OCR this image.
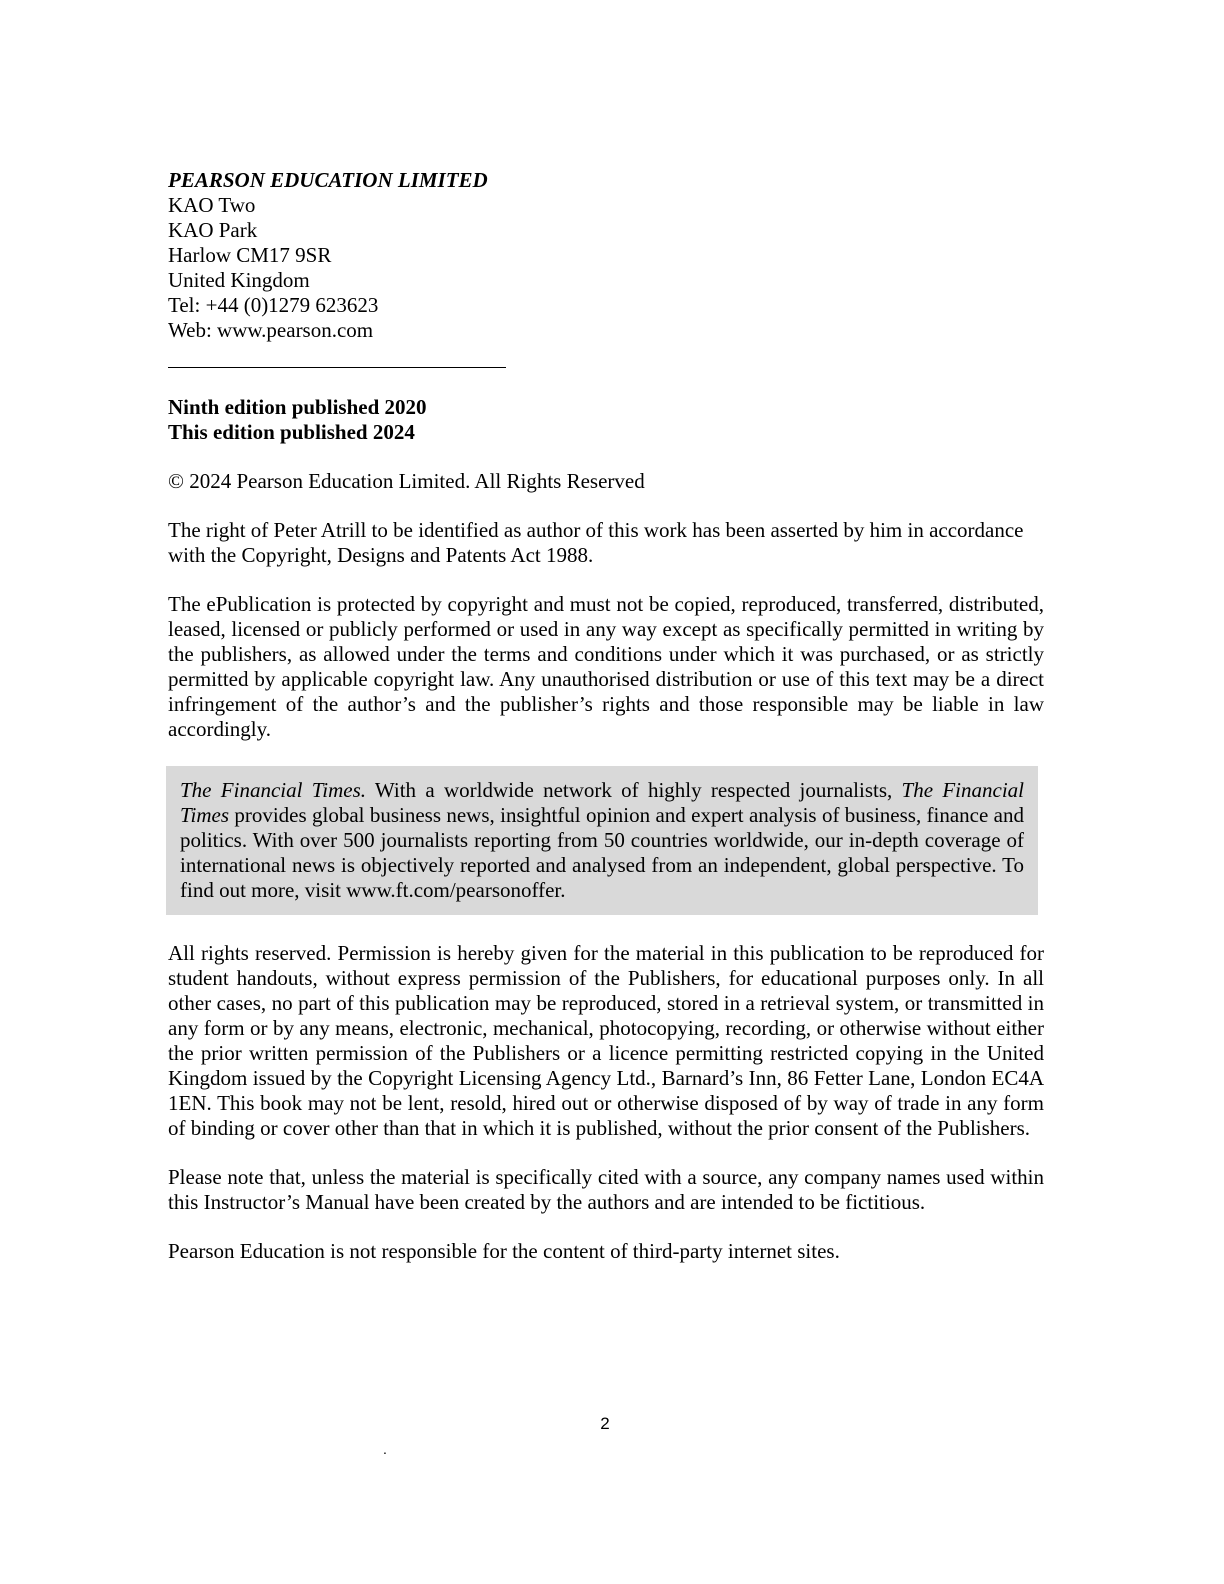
PEARSON EDUCATION LIMITED

KAO Two

KAO Park

Harlow CM17 9SR

United Kingdom

Tel: +44 (0)1279 623623

Web: www.pearson.com

Ninth edition published 2020
This edition published 2024

© 2024 Pearson Education Limited. All Rights Reserved

The right of Peter Atrill to be identified as author of this work has been asserted by him in accordance with the Copyright, Designs and Patents Act 1988.

The ePublication is protected by copyright and must not be copied, reproduced, transferred, distributed, leased, licensed or publicly performed or used in any way except as specifically permitted in writing by the publishers, as allowed under the terms and conditions under which it was purchased, or as strictly permitted by applicable copyright law. Any unauthorised distribution or use of this text may be a direct infringement of the author’s and the publisher’s rights and those responsible may be liable in law accordingly.

The Financial Times. With a worldwide network of highly respected journalists, The Financial Times provides global business news, insightful opinion and expert analysis of business, finance and politics. With over 500 journalists reporting from 50 countries worldwide, our in-depth coverage of international news is objectively reported and analysed from an independent, global perspective. To find out more, visit www.ft.com/pearsonoffer.

All rights reserved. Permission is hereby given for the material in this publication to be reproduced for student handouts, without express permission of the Publishers, for educational purposes only. In all other cases, no part of this publication may be reproduced, stored in a retrieval system, or transmitted in any form or by any means, electronic, mechanical, photocopying, recording, or otherwise without either the prior written permission of the Publishers or a licence permitting restricted copying in the United Kingdom issued by the Copyright Licensing Agency Ltd., Barnard’s Inn, 86 Fetter Lane, London EC4A 1EN. This book may not be lent, resold, hired out or otherwise disposed of by way of trade in any form of binding or cover other than that in which it is published, without the prior consent of the Publishers.

Please note that, unless the material is specifically cited with a source, any company names used within this Instructor’s Manual have been created by the authors and are intended to be fictitious.

Pearson Education is not responsible for the content of third-party internet sites.

2
.
